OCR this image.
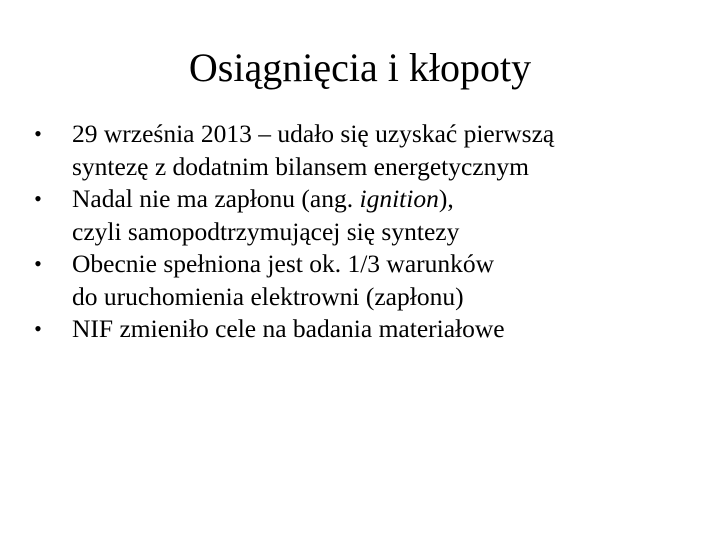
Osiągnięcia i kłopoty
• 29 września 2013 – udało się uzyskać pierwszą
syntezę z dodatnim bilansem energetycznym
• Nadal nie ma zapłonu (ang. ignition),
czyli samopodtrzymującej się syntezy
• Obecnie spełniona jest ok. 1/3 warunków
do uruchomienia elektrowni (zapłonu)
• NIF zmieniło cele na badania materiałowe
